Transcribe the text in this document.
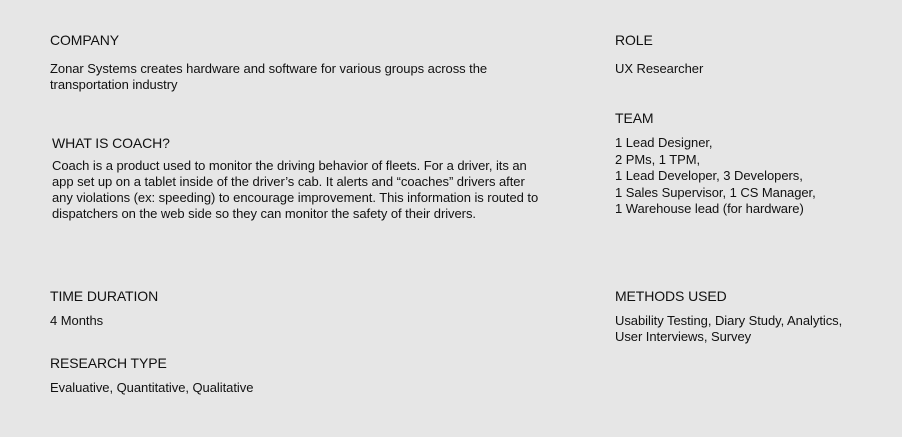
COMPANY

Zonar Systems creates hardware and software for various groups across the transportation industry

WHAT IS COACH?

Coach is a product used to monitor the driving behavior of fleets. For a driver, its an app set up on a tablet inside of the driver’s cab. It alerts and “coaches” drivers after any violations (ex: speeding) to encourage improvement. This information is routed to dispatchers on the web side so they can monitor the safety of their drivers.

TIME DURATION

4 Months

RESEARCH TYPE

Evaluative, Quantitative, Qualitative

ROLE

UX Researcher

TEAM
1 Lead Designer,
2 PMs, 1 TPM,
1 Lead Developer, 3 Developers,
1 Sales Supervisor, 1 CS Manager,
1 Warehouse lead (for hardware)
METHODS USED

Usability Testing, Diary Study, Analytics, User Interviews, Survey
